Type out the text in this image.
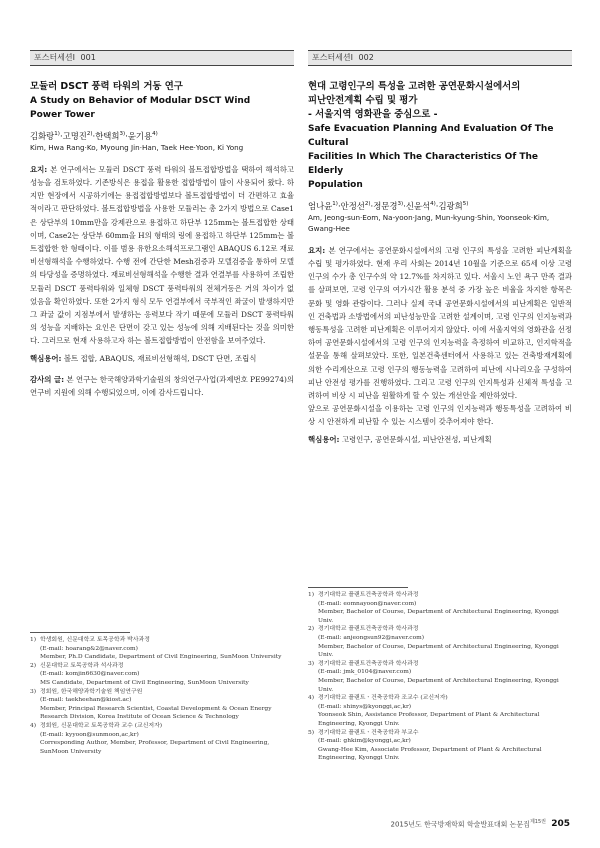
포스터세션Ⅰ 001
모듈러 DSCT 풍력 타워의 거동 연구
A Study on Behavior of Modular DSCT Wind
Power Tower
김화랑$^{1)}$·고명진$^{2)}$·한택희$^{3)}$·윤기용$^{4)}$
Kim, Hwa Rang·Ko, Myoung Jin·Han, Taek Hee·Yoon, Ki Yong
요지: 본 연구에서는 모듈러 DSCT 풍력 타워의 볼트접합방법을 택하여 해석하고 성능을 검토하였다. 기존방식은 용접을 활용한 접합방법이 많이 사용되어 왔다. 하지만 현장에서 시공하기에는 용접접합방법보다 볼트접합방법이 더 간편하고 효율적이라고 판단하였다. 볼트접합방법을 사용한 모듈러는 총 2가지 방법으로 Case1은 상단부의 10mm만을 강제관으로 용접하고 하단부 125mm는 볼트접합한 상태이며, Case2는 상단부 60mm을 H의 형태의 링에 용접하고 하단부 125mm는 볼트접합한 한 형태이다. 이를 범용 유한요소해석프로그램인 ABAQUS 6.12로 재료비선형해석을 수행하였다. 수행 전에 간단한 Mesh검증과 모델검증을 통하여 모델의 타당성을 증명하였다. 재료비선형해석을 수행한 결과 연결부를 사용하여 조립한 모듈러 DSCT 풍력타워와 일체형 DSCT 풍력타워의 전체거동은 거의 차이가 없었음을 확인하였다. 또한 2가지 형식 모두 연결부에서 국부적인 좌굴이 발생하지만 그 좌굴 값이 지점부에서 발생하는 응력보다 작기 때문에 모듈러 DSCT 풍력타워의 성능을 지배하는 요인은 단면이 갖고 있는 성능에 의해 지배된다는 것을 의미한다. 그러므로 현재 사용하고자 하는 볼트접합방법이 안전함을 보여주었다.
핵심용어: 볼트 접합, ABAQUS, 재료비선형해석, DSCT 단면, 조립식
감사의 글: 본 연구는 한국해양과학기술원의 창의연구사업(과제번호 PE99274)의 연구비 지원에 의해 수행되었으며, 이에 감사드립니다.
1) 학생회원, 신문대학교 토목공학과 박사과정
(E-mail: hoarang&2@naver.com)
Member, Ph.D Candidate, Department of Civil Engineering, SunMoon University
2) 신문대학교 토목공학과 석사과정
(E-mail: komjin6630@naver.com)
MS Candidate, Department of Civil Engineering, SunMoon University
3) 정회원, 한국해양과학기술원 책임연구원
(E-mail: taekheehan@kiost.ac)
Member, Principal Research Scientist, Coastal Development & Ocean Energy Research Division, Korea Institute of Ocean Science & Technology
4) 정회원, 신문대학교 토목공학과 교수 (교신저자)
(E-mail: kyyoon@sunmoon,ac,kr)
Corresponding Author, Member, Professor, Department of Civil Engineering, SunMoon University
포스터세션Ⅰ 002
현대 고령인구의 특성을 고려한 공연문화시설에서의
피난안전계획 수립 및 평가
- 서울지역 영화관을 중심으로 -
Safe Evacuation Planning And Evaluation Of The Cultural
Facilities In Which The Characteristics Of The Elderly
Population
엄나윤$^{1)}$·안정선$^{2)}$·정문경$^{3)}$·신윤석$^{4)}$·김광희$^{5)}$
Am, Jeong-sun·Eom, Na-yoon·Jang, Mun-kyung·Shin, Yoonseok·Kim, Gwang-Hee
요지: 본 연구에서는 공연문화시설에서의 고령 인구의 특성을 고려한 피난계획을 수립 및 평가하였다. 현재 우리 사회는 2014년 10월을 기준으로 65세 이상 고령 인구의 수가 총 인구수의 약 12.7%를 차지하고 있다. 서울시 노인 욕구 만족 결과를 살펴보면, 고령 인구의 여가시간 활용 분석 중 가장 높은 비율을 차지한 항목은 문화 및 영화 관람이다. 그러나 실제 국내 공연문화시설에서의 피난계획은 일반적인 건축법과 소방법에서의 피난성능만을 고려한 설계이며, 고령 인구의 인지능력과 행동특성을 고려한 피난계획은 이루어지지 않았다. 이에 서울지역의 영화관을 선정하여 공연문화시설에서의 고령 인구의 인지능력을 측정하여 비교하고, 인지학적을 설문을 통해 살펴보았다. 또한, 일본건축센터에서 사용하고 있는 건축방재계획에 의한 수리계산으로 고령 인구의 행동능력을 고려하여 피난에 시나리오을 구성하여 피난 안전성 평가를 진행하였다. 그리고 고령 인구의 인지특성과 신체적 특성을 고려하여 비상 시 피난을 원활하게 할 수 있는 개선안을 제안하였다.
앞으로 공연문화시설을 이용하는 고령 인구의 인지능력과 행동특성을 고려하여 비상 시 안전하게 피난할 수 있는 시스템이 갖추어져야 한다.
핵심용어: 고령인구, 공연문화시설, 피난안전성, 피난계획
1) 경기대학교 플랜트건축공학과 학사과정
(E-mail: eomnayoon@naver.com)
Member, Bachelor of Course, Department of Architectural Engineering, Kyonggi Univ.
2) 경기대학교 플랜트건축공학과 학사과정
(E-mail: anjeongsun92@naver.com)
Member, Bachelor of Course, Department of Architectural Engineering, Kyonggi Univ.
3) 경기대학교 플랜트건축공학과 학사과정
(E-mail: jmk_0104@naver.com)
Member, Bachelor of Course, Department of Architectural Engineering, Kyonggi Univ.
4) 경기대학교 플랜트ㆍ건축공학과 조교수 (교신저자)
(E-mail: shinys@kyonggi,ac,kr)
Yoonseok Shin, Assistance Professor, Department of Plant & Architectural Engineering, Kyonggi Univ.
5) 경기대학교 플랜트ㆍ건축공학과 부교수
(E-mail: ghkim@kyonggi,ac,kr)
Gwang-Hee Kim, Associate Professor, Department of Plant & Architectural Engineering, Kyonggi Univ.
2015년도 한국방재학회 학술발표대회 논문집$^{제15권}$ 205
